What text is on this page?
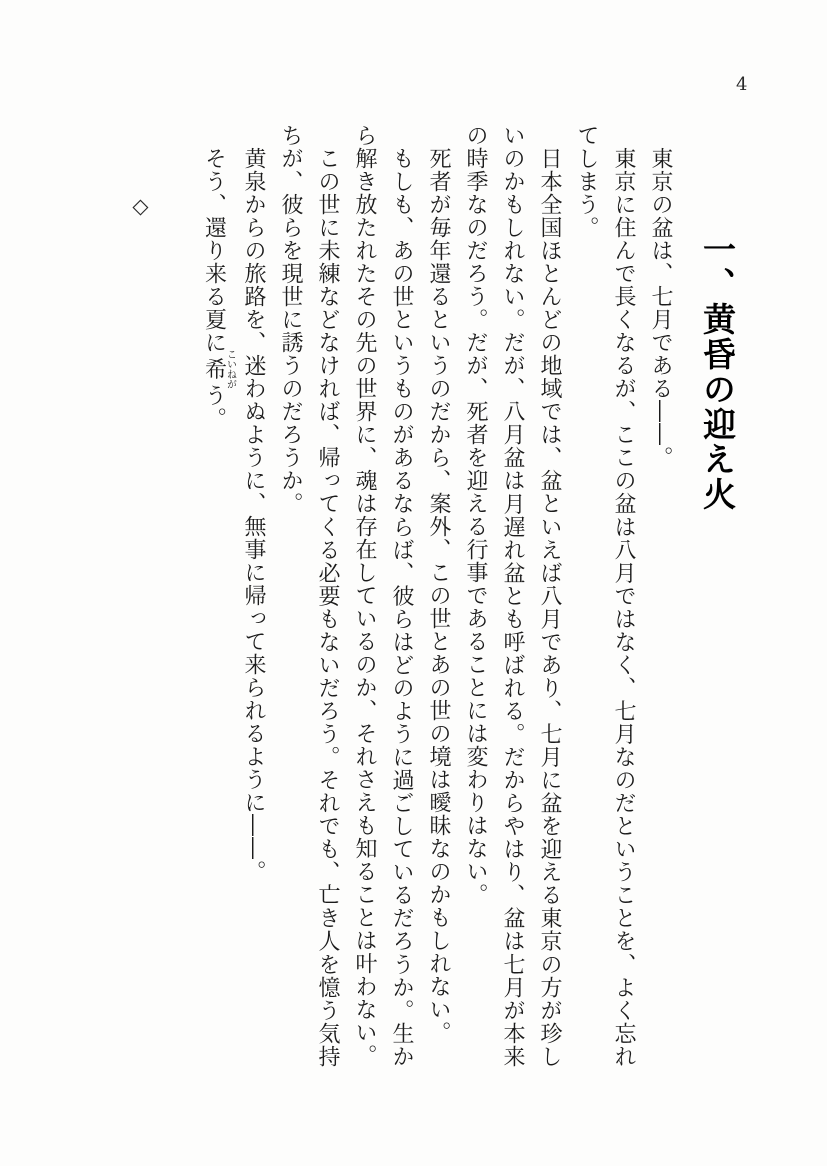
4
一、黄昏の迎え火

東京の盆は、七月である――。

東京に住んで長くなるが、ここの盆は八月ではなく、七月なのだということを、よく忘れてしまう。

日本全国ほとんどの地域では、盆といえば八月であり、七月に盆を迎える東京の方が珍しいのかもしれない。だが、八月盆は月遅れ盆とも呼ばれる。だからやはり、盆は七月が本来の時季なのだろう。だが、死者を迎える行事であることには変わりはない。

死者が毎年還るというのだから、案外、この世とあの世の境は曖昧なのかもしれない。

もしも、あの世というものがあるならば、彼らはどのように過ごしているだろうか。生から解き放たれたその先の世界に、魂は存在しているのか、それさえも知ることは叶わない。

この世に未練などなければ、帰ってくる必要もないだろう。それでも、亡き人を憶う気持ちが、彼らを現世に誘うのだろうか。

黄泉からの旅路を、迷わぬように、無事に帰って来られるように――。

そう、還り来る夏に希こいねがう。

◇
